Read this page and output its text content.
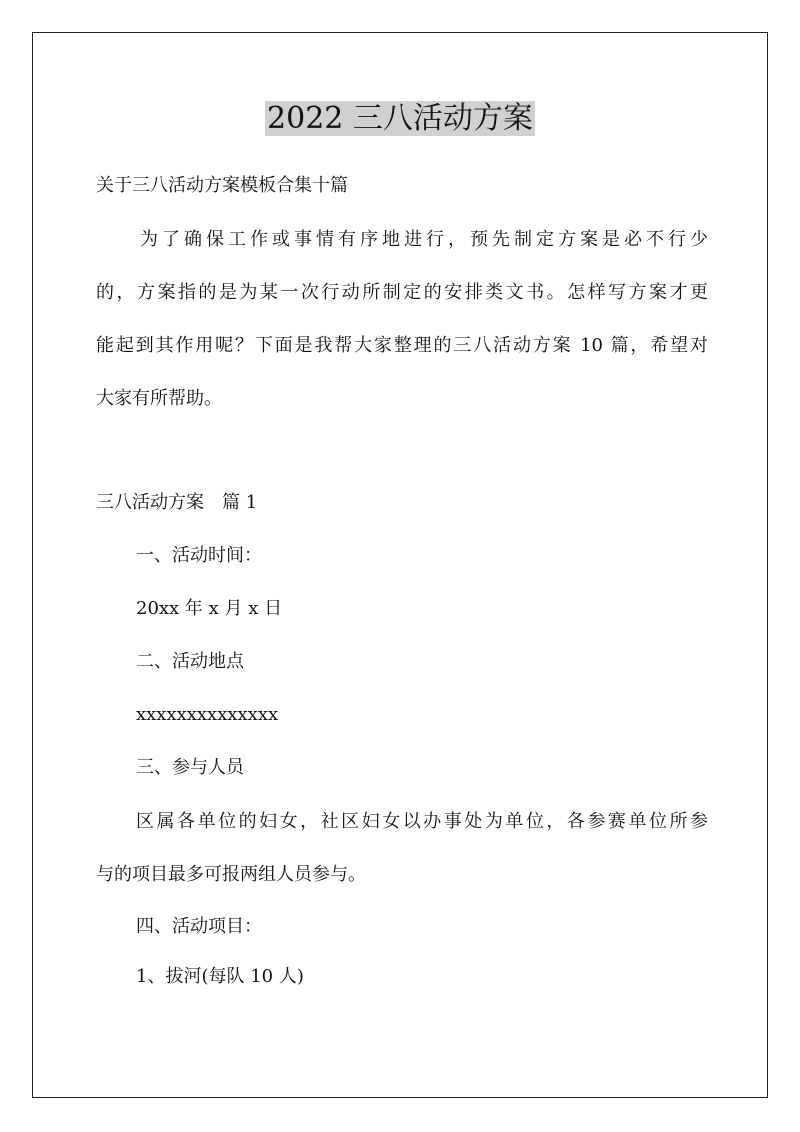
2022 三八活动方案

关于三八活动方案模板合集十篇

　　为了确保工作或事情有序地进行，预先制定方案是必不行少
的，方案指的是为某一次行动所制定的安排类文书。怎样写方案才更
能起到其作用呢？下面是我帮大家整理的三八活动方案 10 篇，希望对
大家有所帮助。

三八活动方案　篇 1

一、活动时间：

20xx 年 x 月 x 日

二、活动地点

xxxxxxxxxxxxxx

三、参与人员

区属各单位的妇女，社区妇女以办事处为单位，各参赛单位所参
与的项目最多可报两组人员参与。

四、活动项目：

1、拔河(每队 10 人)
